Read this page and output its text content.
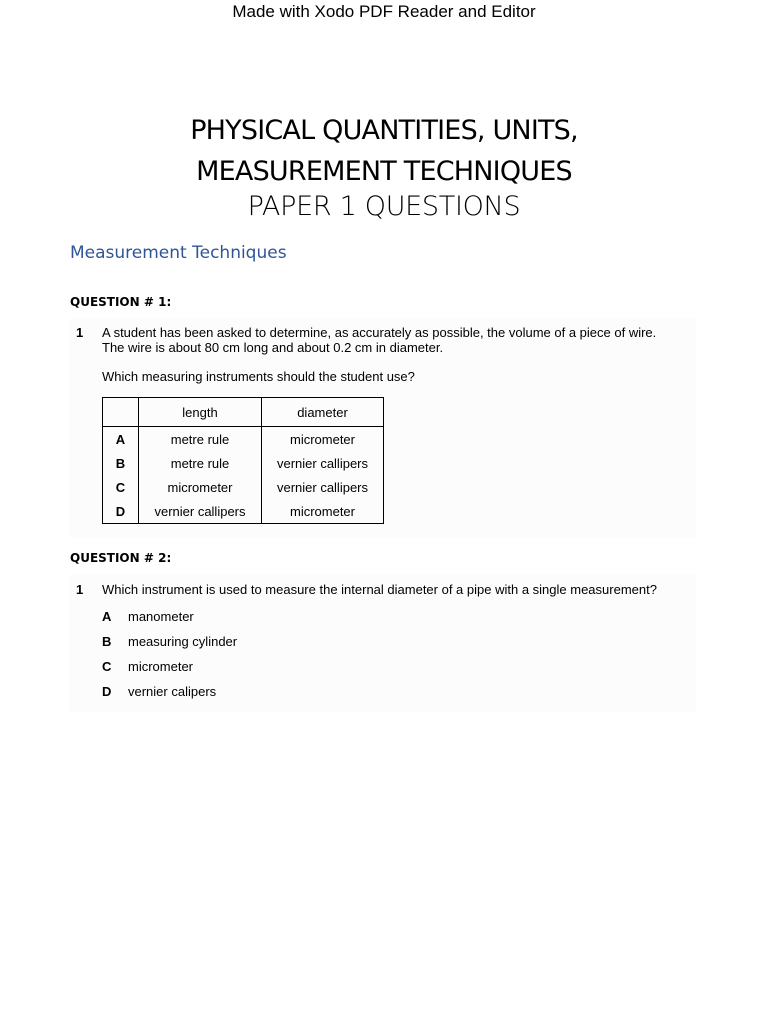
Made with Xodo PDF Reader and Editor
PHYSICAL QUANTITIES, UNITS,
MEASUREMENT TECHNIQUES
PAPER 1 QUESTIONS
Measurement Techniques
QUESTION # 1:
1 A student has been asked to determine, as accurately as possible, the volume of a piece of wire.
The wire is about 80 cm long and about 0.2 cm in diameter.
Which measuring instruments should the student use?
	length	diameter
A	metre rule	micrometer
B	metre rule	vernier callipers
C	micrometer	vernier callipers
D	vernier callipers	micrometer
QUESTION # 2:
1 Which instrument is used to measure the internal diameter of a pipe with a single measurement?
A manometer
B measuring cylinder
C micrometer
D vernier calipers
